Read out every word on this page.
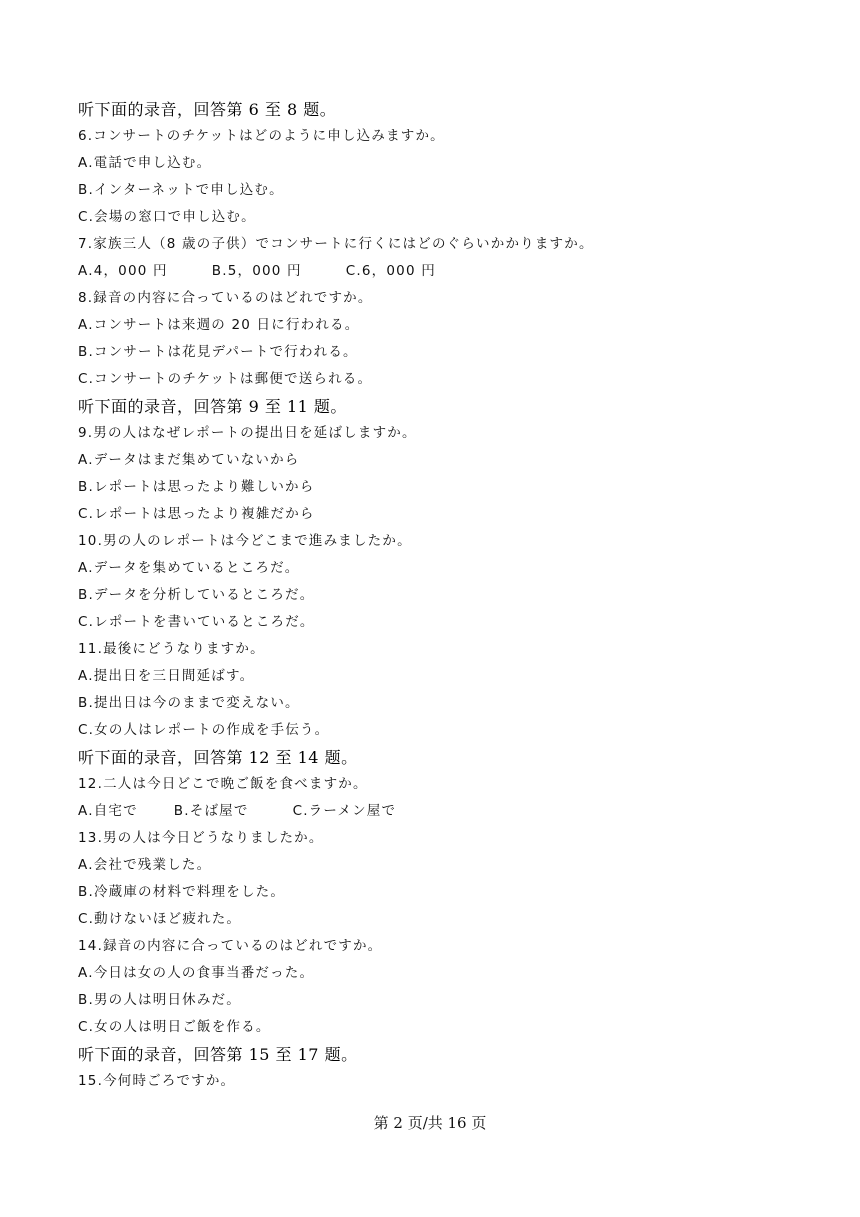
听下面的录音，回答第 6 至 8 题。
6.コンサートのチケットはどのように申し込みますか。
A.電話で申し込む。
B.インターネットで申し込む。
C.会場の窓口で申し込む。
7.家族三人（8 歳の子供）でコンサートに行くにはどのぐらいかかりますか。
A.4，000 円	B.5，000 円	C.6，000 円
8.録音の内容に合っているのはどれですか。
A.コンサートは来週の 20 日に行われる。
B.コンサートは花見デパートで行われる。
C.コンサートのチケットは郵便で送られる。
听下面的录音，回答第 9 至 11 题。
9.男の人はなぜレポートの提出日を延ばしますか。
A.データはまだ集めていないから
B.レポートは思ったより難しいから
C.レポートは思ったより複雑だから
10.男の人のレポートは今どこまで進みましたか。
A.データを集めているところだ。
B.データを分析しているところだ。
C.レポートを書いているところだ。
11.最後にどうなりますか。
A.提出日を三日間延ばす。
B.提出日は今のままで変えない。
C.女の人はレポートの作成を手伝う。
听下面的录音，回答第 12 至 14 题。
12.二人は今日どこで晩ご飯を食べますか。
A.自宅で	B.そば屋で	C.ラーメン屋で
13.男の人は今日どうなりましたか。
A.会社で残業した。
B.冷蔵庫の材料で料理をした。
C.動けないほど疲れた。
14.録音の内容に合っているのはどれですか。
A.今日は女の人の食事当番だった。
B.男の人は明日休みだ。
C.女の人は明日ご飯を作る。
听下面的录音，回答第 15 至 17 题。
15.今何時ごろですか。
第 2 页/共 16 页
